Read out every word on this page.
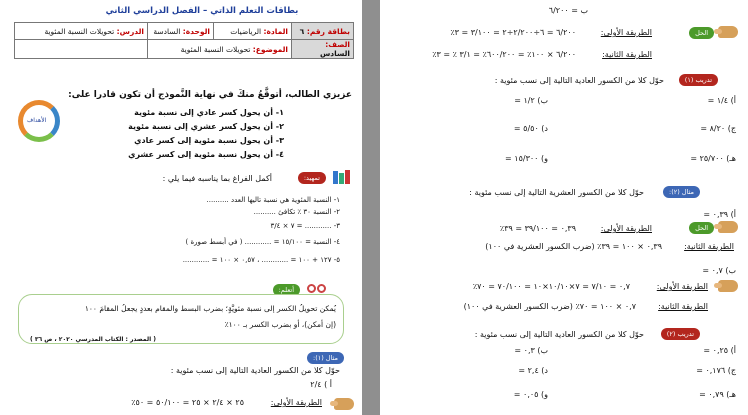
بطاقات التعلم الذاتي – الفصل الدراسي الثاني
بطاقة رقم: ٦	المادة: الرياضيات	الوحدة: السادسة	الدرس: تحويلات النسبة المئوية
الصف: السادس	الموضوع: تحويلات النسبة المئوية		
عزيزي الطالب، أتوقَّعُ منكَ في نهاية النَّموذج أن تكون قادرا على:
الأهداف
١- أن يحول كسر عادي إلى نسبة مئوية
٢- أن يحول كسر عشري إلى نسبة مئوية
٣- أن يحول نسبة مئوية إلى كسر عادي
٤- أن يحول نسبة مئوية إلى كسر عشري
تمهيد:
أكمل الفراغ بما يناسبه فيما يلي :
١- النسبة المئوية هي نسبة تاليها العدد ..........
٢- النسبة ٣٠ ٪ تكافئ ..........
٣- ............ = ٧ × ٣/٤
٤- النسبة = ١٥/١٠٠ = ............ ( في أبسط صورة )
٥- ١٢٧ + ١٠٠ = ............ ، ٠,٥٧ × ١٠٠ = ............
أتعلم:
يُمكن تحويلُ الكسر إلى نسبة مئويَّةٍ؛ بضرب البسط والمقام بعددٍ يجعلُ المقامَ ١٠٠
(إن أمكن)، أو بضرب الكسر بـ ١٠٠٪
( المصدر : الكتاب المدرسي ٢٠٢٠ ، ص ٣٦ )
مثال (١):
حوّل كلا من الكسور العادية التالية إلى نسب مئوية :
أ ) ٢/٤
الطريقة الأولى:
٢٥ × ٢/٤ × ٢٥ = ٥٠/١٠٠ = ٥٠٪
ب = ٦/٢٠٠
الحل
الطريقة الأولى:
٦/٢٠٠ = ٦÷٢/٢٠٠÷٢ = ٣/١٠٠ = ٣٪
الطريقة الثانية:
٦/٢٠٠ × ١٠٠٪ = ٦٠٠/٢٠٠٪ = ٣/١ ٪ = ٣٪
تدريب (١)
حوّل كلا من الكسور العادية التالية إلى نسب مئوية :
أ) ١/٤ =
ب) ١/٢ =
ج) ٨/٢٠ =
د) ٥/٥٠ =
هـ) ٢٥/٧٠٠ =
و) ١٥/٣٠٠ =
مثال (٢):
حوّل كلا من الكسور العشرية التالية إلى نسب مئوية :
أ) ٠,٣٩ =
الحل
الطريقة الأولى:
٠,٣٩ = ٣٩/١٠٠ = ٣٩٪
الطريقة الثانية:
٠,٣٩ × ١٠٠ = ٣٩٪ (ضرب الكسور العشرية في ١٠٠)
ب) ٠,٧ =
الطريقة الأولى:
٠,٧ = ٧/١٠ = ٧×١٠/١٠×١٠ = ٧٠/١٠٠ = ٧٠٪
الطريقة الثانية:
٠,٧ × ١٠٠ = ٧٠٪ (ضرب الكسور العشرية في ١٠٠)
تدريب (٢)
حوّل كلا من الكسور العادية التالية إلى نسب مئوية :
أ) ٠,٢٥ =
ب) ٠,٣ =
ج) ٠,١٧٦ =
د) ٢,٤ =
هـ) ٠,٧٩ =
و) ٠,٠٥ =
